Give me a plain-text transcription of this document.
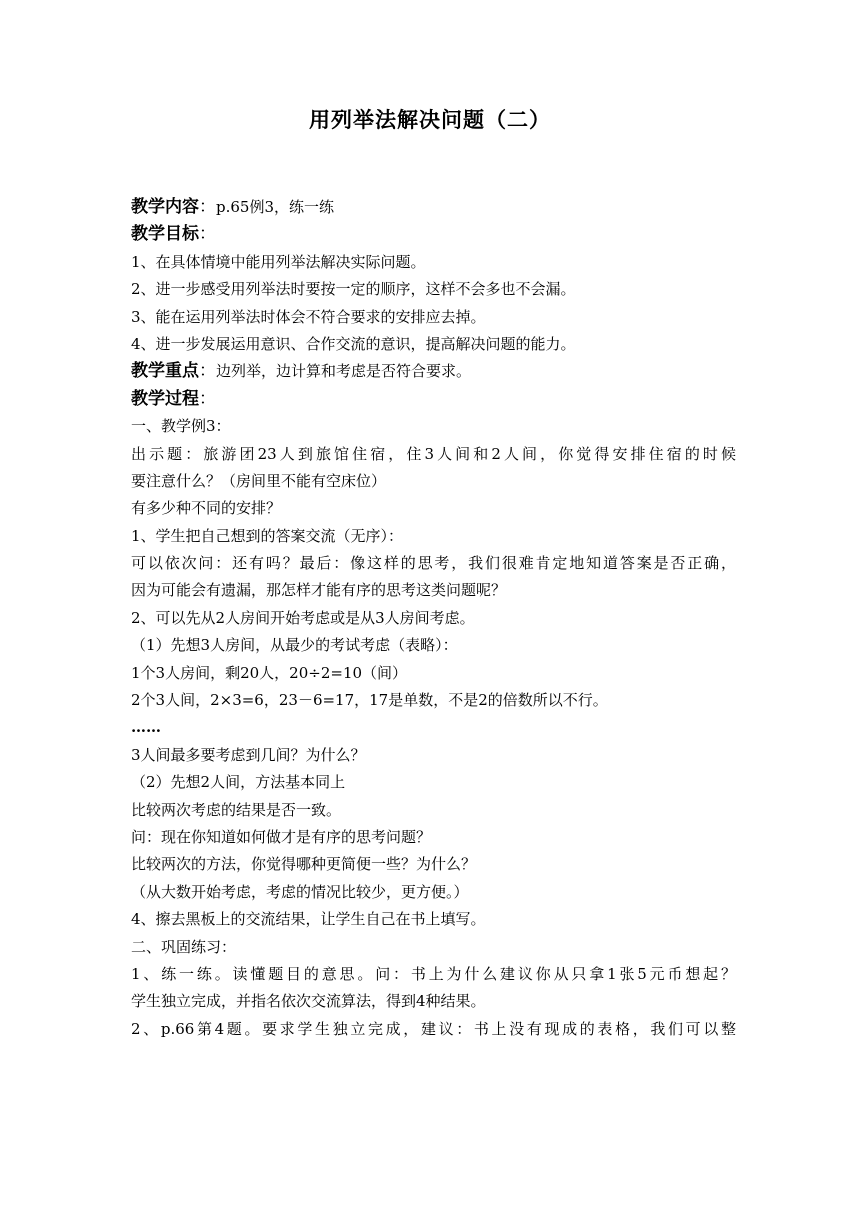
用列举法解决问题（二）
教学内容：p.65例3，练一练
教学目标：
1、在具体情境中能用列举法解决实际问题。
2、进一步感受用列举法时要按一定的顺序，这样不会多也不会漏。
3、能在运用列举法时体会不符合要求的安排应去掉。
4、进一步发展运用意识、合作交流的意识，提高解决问题的能力。
教学重点：边列举，边计算和考虑是否符合要求。
教学过程：
一、教学例3：
出示题：旅游团23人到旅馆住宿，住3人间和2人间，你觉得安排住宿的时候
要注意什么？（房间里不能有空床位）
有多少种不同的安排？
1、学生把自己想到的答案交流（无序）：
可以依次问：还有吗？最后：像这样的思考，我们很难肯定地知道答案是否正确，
因为可能会有遗漏，那怎样才能有序的思考这类问题呢？
2、可以先从2人房间开始考虑或是从3人房间考虑。
（1）先想3人房间，从最少的考试考虑（表略）：
1个3人房间，剩20人，20÷2=10（间）
2个3人间，2×3=6，23－6=17，17是单数，不是2的倍数所以不行。
……
3人间最多要考虑到几间？为什么？
（2）先想2人间，方法基本同上
比较两次考虑的结果是否一致。
问：现在你知道如何做才是有序的思考问题？
比较两次的方法，你觉得哪种更简便一些？为什么？
（从大数开始考虑，考虑的情况比较少，更方便。）
4、擦去黑板上的交流结果，让学生自己在书上填写。
二、巩固练习：
1、练一练。读懂题目的意思。问：书上为什么建议你从只拿1张5元币想起？
学生独立完成，并指名依次交流算法，得到4种结果。
2、p.66第4题。要求学生独立完成，建议：书上没有现成的表格，我们可以整
